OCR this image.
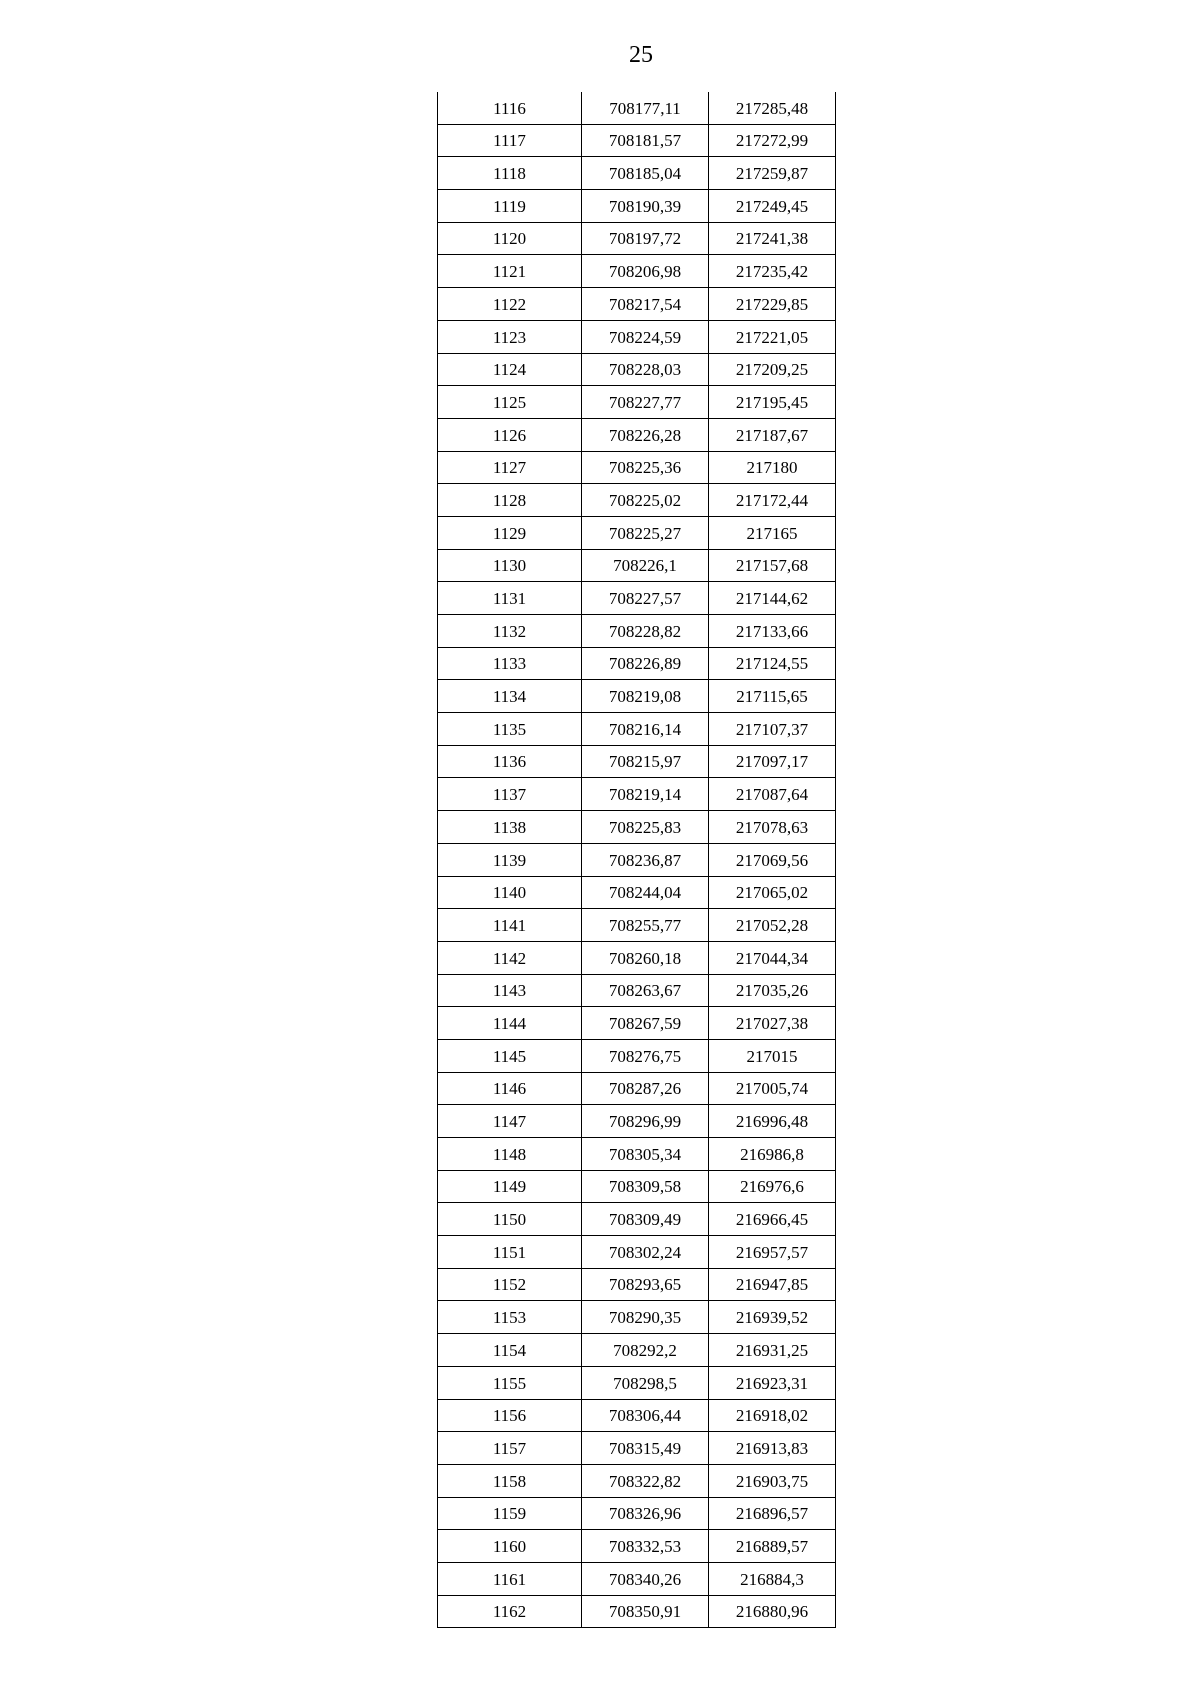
25
1116	708177,11	217285,48
1117	708181,57	217272,99
1118	708185,04	217259,87
1119	708190,39	217249,45
1120	708197,72	217241,38
1121	708206,98	217235,42
1122	708217,54	217229,85
1123	708224,59	217221,05
1124	708228,03	217209,25
1125	708227,77	217195,45
1126	708226,28	217187,67
1127	708225,36	217180
1128	708225,02	217172,44
1129	708225,27	217165
1130	708226,1	217157,68
1131	708227,57	217144,62
1132	708228,82	217133,66
1133	708226,89	217124,55
1134	708219,08	217115,65
1135	708216,14	217107,37
1136	708215,97	217097,17
1137	708219,14	217087,64
1138	708225,83	217078,63
1139	708236,87	217069,56
1140	708244,04	217065,02
1141	708255,77	217052,28
1142	708260,18	217044,34
1143	708263,67	217035,26
1144	708267,59	217027,38
1145	708276,75	217015
1146	708287,26	217005,74
1147	708296,99	216996,48
1148	708305,34	216986,8
1149	708309,58	216976,6
1150	708309,49	216966,45
1151	708302,24	216957,57
1152	708293,65	216947,85
1153	708290,35	216939,52
1154	708292,2	216931,25
1155	708298,5	216923,31
1156	708306,44	216918,02
1157	708315,49	216913,83
1158	708322,82	216903,75
1159	708326,96	216896,57
1160	708332,53	216889,57
1161	708340,26	216884,3
1162	708350,91	216880,96
